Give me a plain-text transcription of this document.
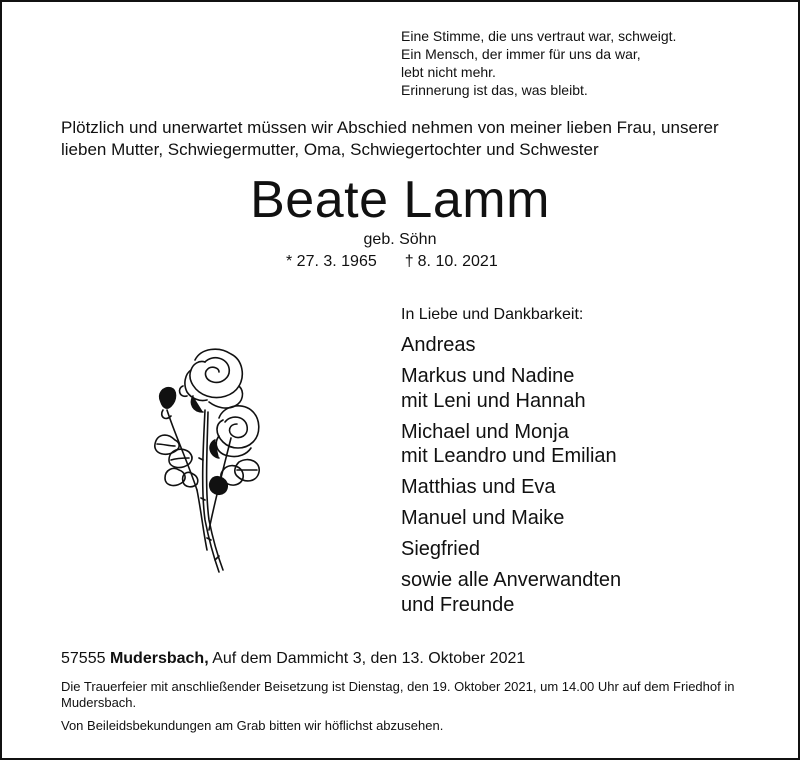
Eine Stimme, die uns vertraut war, schweigt.
Ein Mensch, der immer für uns da war,
lebt nicht mehr.
Erinnerung ist das, was bleibt.
Plötzlich und unerwartet müssen wir Abschied nehmen von meiner lieben Frau, unserer
lieben Mutter, Schwiegermutter, Oma, Schwiegertochter und Schwester
Beate Lamm
geb. Söhn
* 27. 3. 1965 † 8. 10. 2021
In Liebe und Dankbarkeit:
Andreas
Markus und Nadine
mit Leni und Hannah
Michael und Monja
mit Leandro und Emilian
Matthias und Eva
Manuel und Maike
Siegfried
sowie alle Anverwandten
und Freunde
57555 Mudersbach, Auf dem Dammicht 3, den 13. Oktober 2021
Die Trauerfeier mit anschließender Beisetzung ist Dienstag, den 19. Oktober 2021, um 14.00 Uhr auf dem Friedhof in Mudersbach.
Von Beileidsbekundungen am Grab bitten wir höflichst abzusehen.
